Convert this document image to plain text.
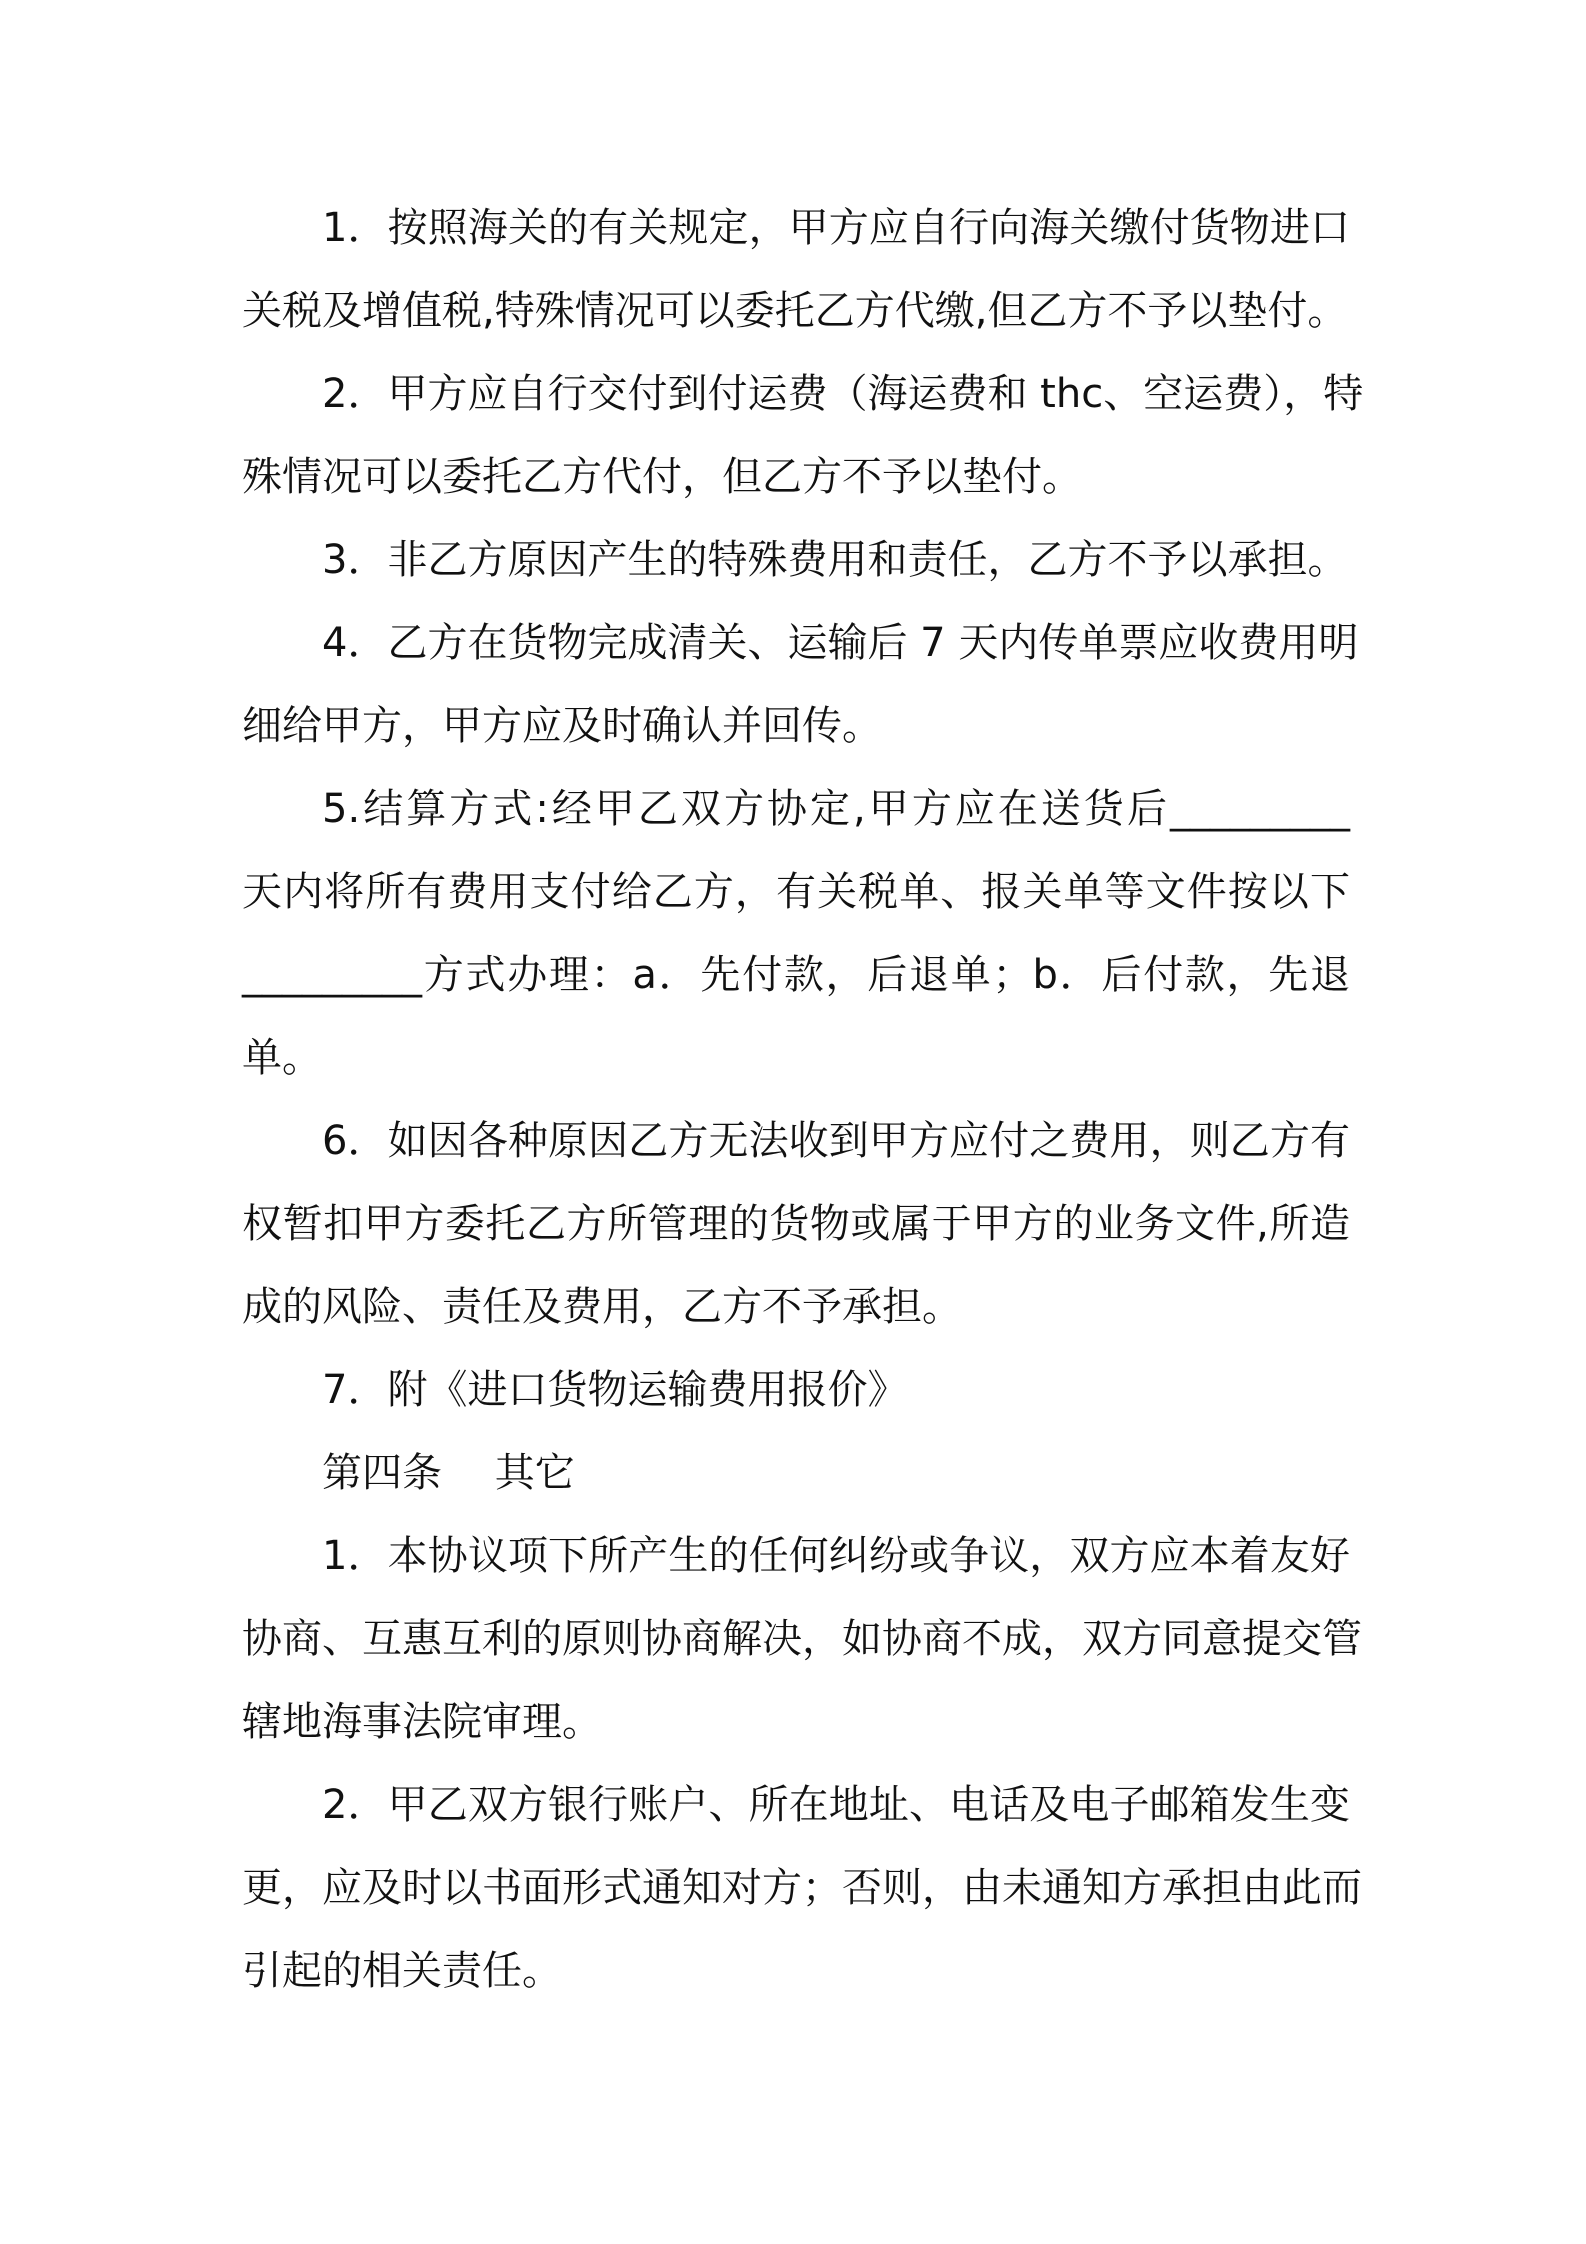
1．按照海关的有关规定，甲方应自行向海关缴付货物进口
关税及增值税,特殊情况可以委托乙方代缴,但乙方不予以垫付。
2．甲方应自行交付到付运费（海运费和 thc、空运费），特
殊情况可以委托乙方代付，但乙方不予以垫付。
3．非乙方原因产生的特殊费用和责任，乙方不予以承担。
4．乙方在货物完成清关、运输后 7 天内传单票应收费用明
细给甲方，甲方应及时确认并回传。
5.结算方式:经甲乙双方协定,甲方应在送货后_________
天内将所有费用支付给乙方，有关税单、报关单等文件按以下
_________方式办理：a．先付款，后退单；b．后付款，先退
单。
6．如因各种原因乙方无法收到甲方应付之费用，则乙方有
权暂扣甲方委托乙方所管理的货物或属于甲方的业务文件,所造
成的风险、责任及费用，乙方不予承担。
7．附《进口货物运输费用报价》
第四条　 其它
1．本协议项下所产生的任何纠纷或争议，双方应本着友好
协商、互惠互利的原则协商解决，如协商不成，双方同意提交管
辖地海事法院审理。
2．甲乙双方银行账户、所在地址、电话及电子邮箱发生变
更，应及时以书面形式通知对方；否则，由未通知方承担由此而
引起的相关责任。
